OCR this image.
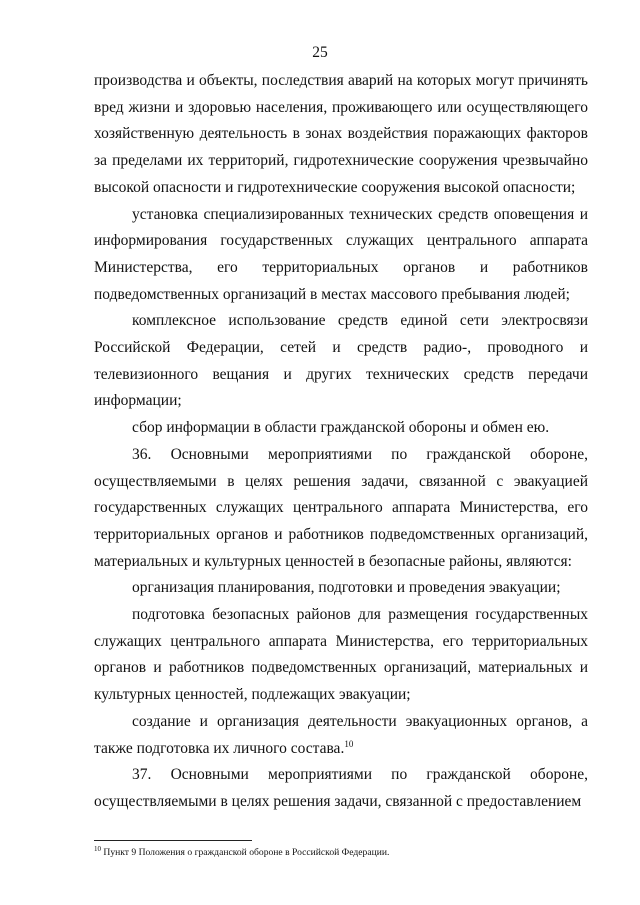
25

производства и объекты, последствия аварий на которых могут причинять вред жизни и здоровью населения, проживающего или осуществляющего хозяйственную деятельность в зонах воздействия поражающих факторов за пределами их территорий, гидротехнические сооружения чрезвычайно высокой опасности и гидротехнические сооружения высокой опасности;

установка специализированных технических средств оповещения и информирования государственных служащих центрального аппарата Министерства, его территориальных органов и работников подведомственных организаций в местах массового пребывания людей;

комплексное использование средств единой сети электросвязи Российской Федерации, сетей и средств радио-, проводного и телевизионного вещания и других технических средств передачи информации;

сбор информации в области гражданской обороны и обмен ею.

36. Основными мероприятиями по гражданской обороне, осуществляемыми в целях решения задачи, связанной с эвакуацией государственных служащих центрального аппарата Министерства, его территориальных органов и работников подведомственных организаций, материальных и культурных ценностей в безопасные районы, являются:

организация планирования, подготовки и проведения эвакуации;

подготовка безопасных районов для размещения государственных служащих центрального аппарата Министерства, его территориальных органов и работников подведомственных организаций, материальных и культурных ценностей, подлежащих эвакуации;

создание и организация деятельности эвакуационных органов, а также подготовка их личного состава.$^{10}$

37. Основными мероприятиями по гражданской обороне, осуществляемыми в целях решения задачи, связанной с предоставлением

$^{10}$ Пункт 9 Положения о гражданской обороне в Российской Федерации.
